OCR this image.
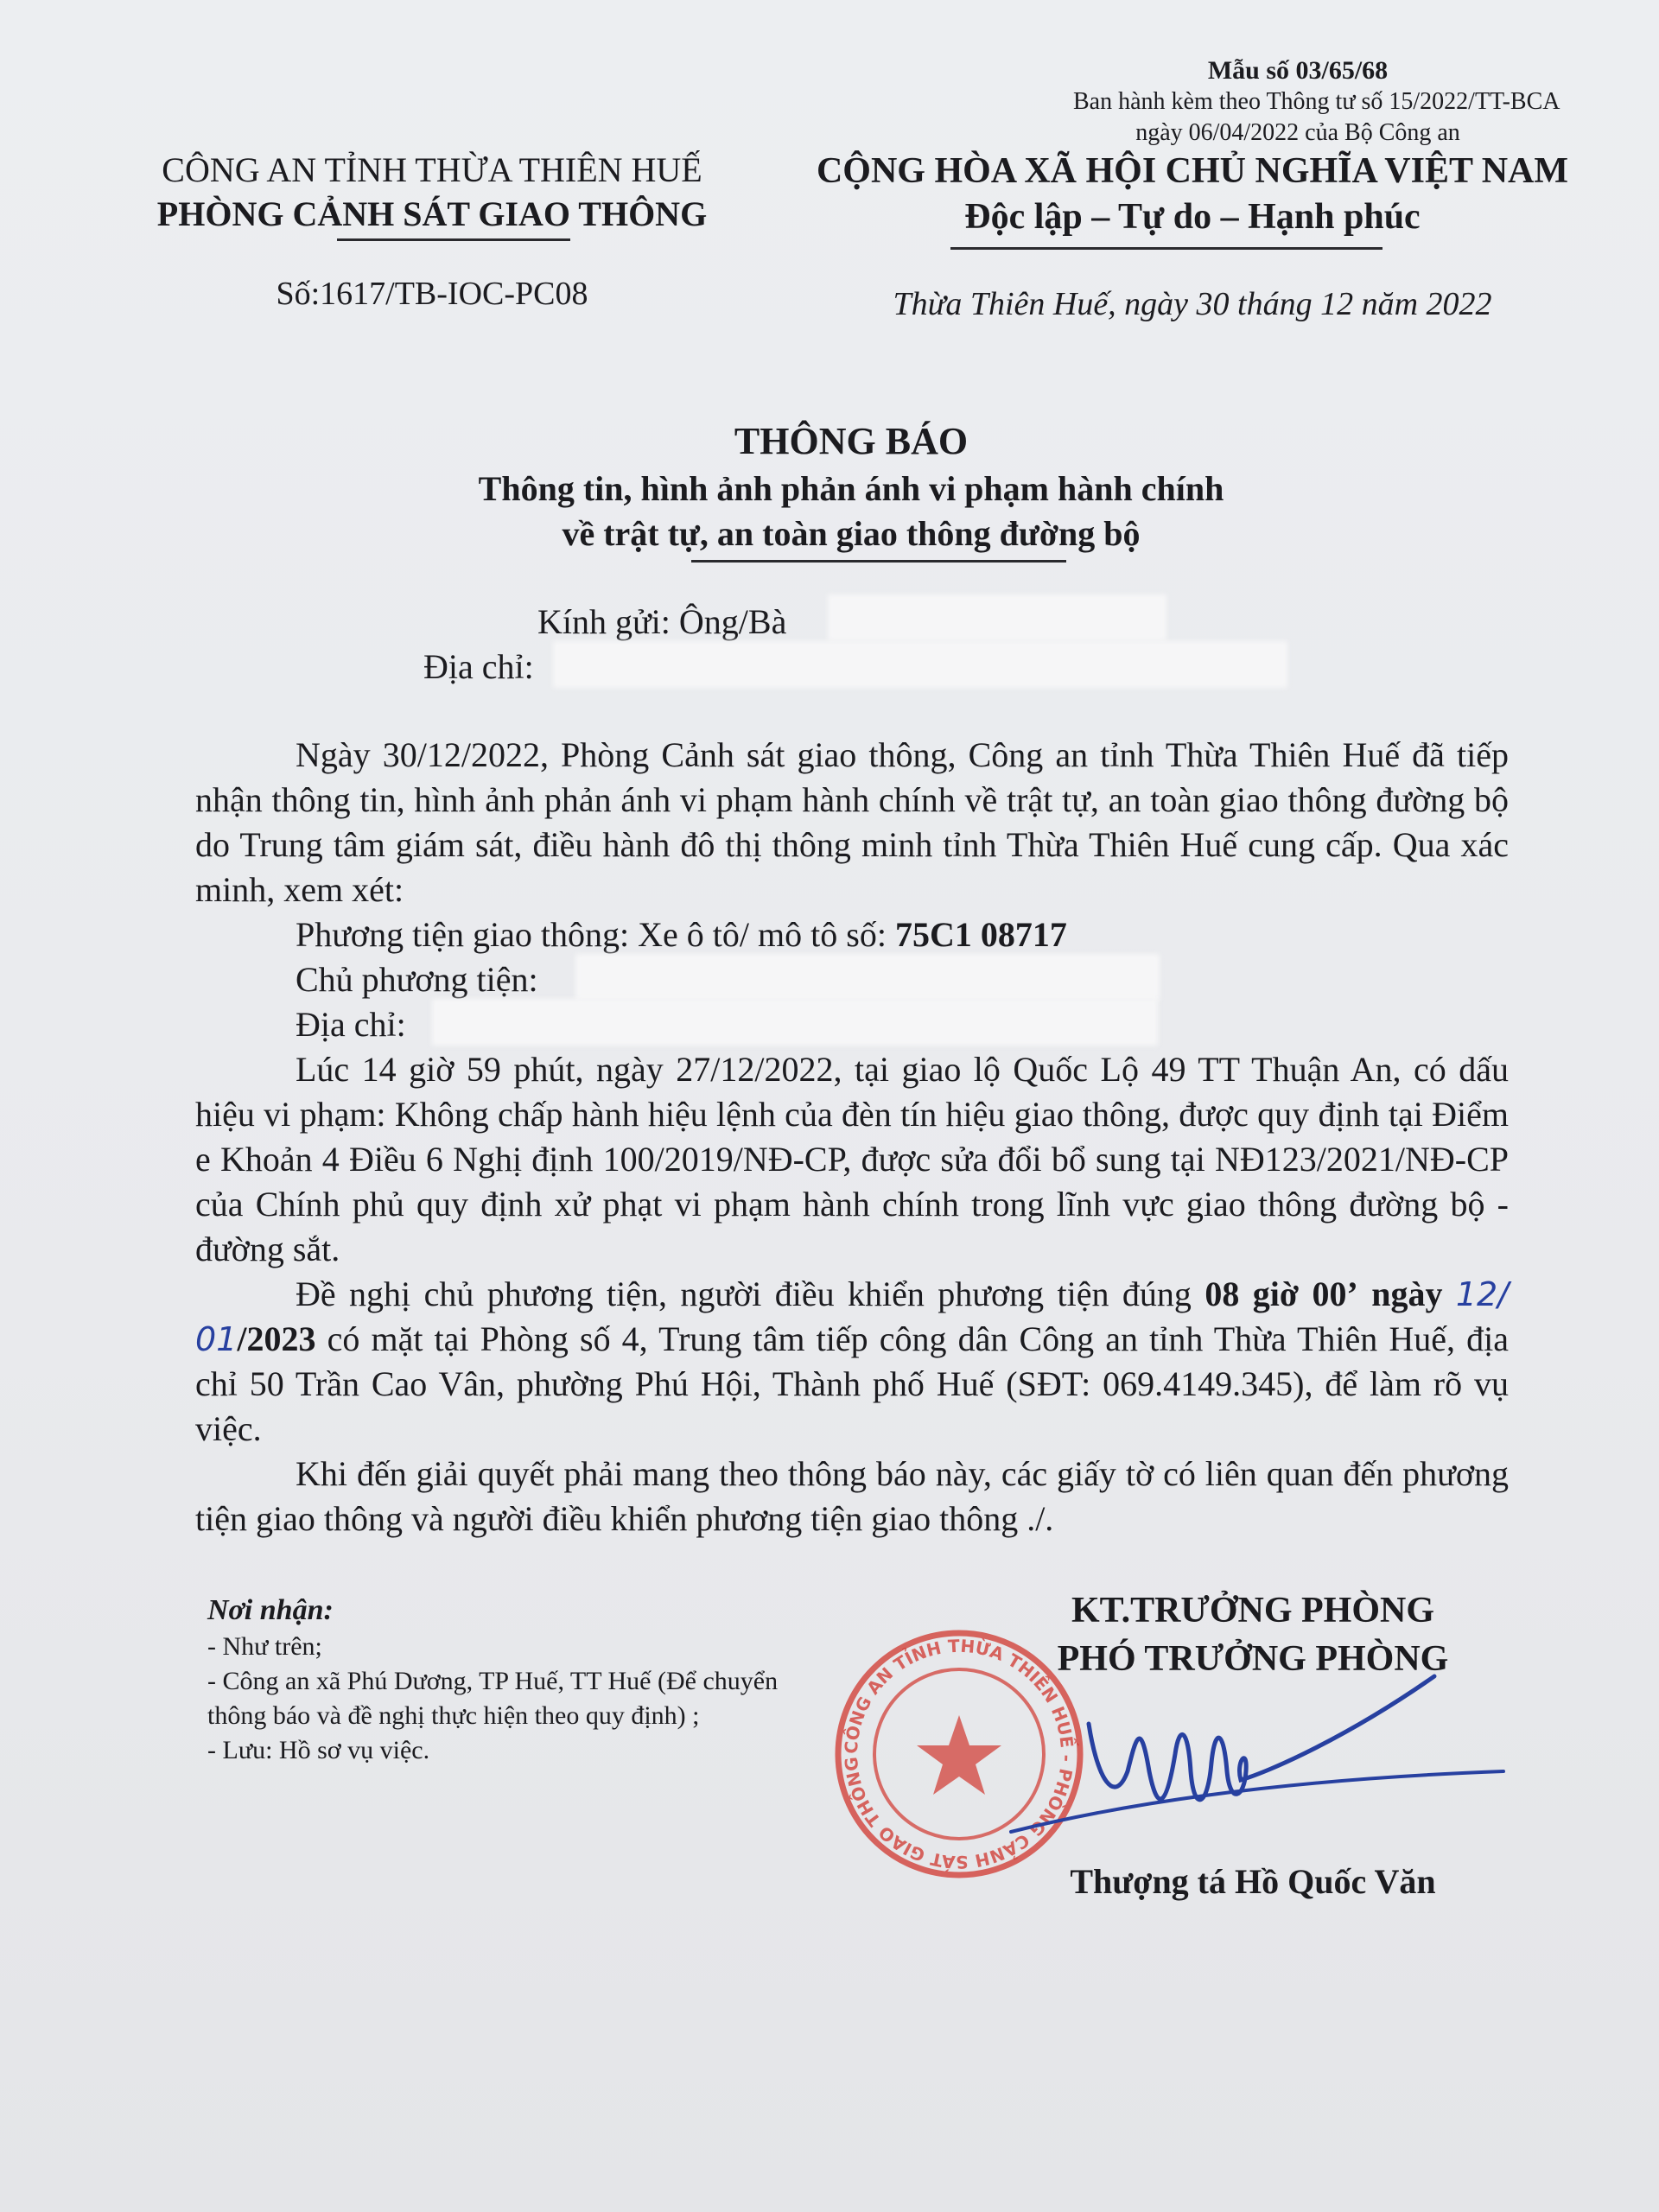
Mẫu số 03/65/68
Ban hành kèm theo Thông tư số 15/2022/TT-BCA
ngày 06/04/2022 của Bộ Công an
CÔNG AN TỈNH THỪA THIÊN HUẾ
PHÒNG CẢNH SÁT GIAO THÔNG
CỘNG HÒA XÃ HỘI CHỦ NGHĨA VIỆT NAM
Độc lập – Tự do – Hạnh phúc
Số:1617/TB-IOC-PC08	Thừa Thiên Huế, ngày 30 tháng 12 năm 2022
THÔNG BÁO
Thông tin, hình ảnh phản ánh vi phạm hành chính
về trật tự, an toàn giao thông đường bộ
Kính gửi: Ông/Bà
Địa chỉ:
Ngày 30/12/2022, Phòng Cảnh sát giao thông, Công an tỉnh Thừa Thiên Huế đã tiếp nhận thông tin, hình ảnh phản ánh vi phạm hành chính về trật tự, an toàn giao thông đường bộ do Trung tâm giám sát, điều hành đô thị thông minh tỉnh Thừa Thiên Huế cung cấp. Qua xác minh, xem xét:
Phương tiện giao thông: Xe ô tô/ mô tô số: 75C1 08717
Chủ phương tiện:
Địa chỉ:
Lúc 14 giờ 59 phút, ngày 27/12/2022, tại giao lộ Quốc Lộ 49 TT Thuận An, có dấu hiệu vi phạm: Không chấp hành hiệu lệnh của đèn tín hiệu giao thông, được quy định tại Điểm e Khoản 4 Điều 6 Nghị định 100/2019/NĐ-CP, được sửa đổi bổ sung tại NĐ123/2021/NĐ-CP của Chính phủ quy định xử phạt vi phạm hành chính trong lĩnh vực giao thông đường bộ - đường sắt.
Đề nghị chủ phương tiện, người điều khiển phương tiện đúng 08 giờ 00’ ngày 12/ 01/2023 có mặt tại Phòng số 4, Trung tâm tiếp công dân Công an tỉnh Thừa Thiên Huế, địa chỉ 50 Trần Cao Vân, phường Phú Hội, Thành phố Huế (SĐT: 069.4149.345), để làm rõ vụ việc.
Khi đến giải quyết phải mang theo thông báo này, các giấy tờ có liên quan đến phương tiện giao thông và người điều khiển phương tiện giao thông ./.
Nơi nhận:
- Như trên;
- Công an xã Phú Dương, TP Huế, TT Huế (Để chuyển thông báo và đề nghị thực hiện theo quy định) ;
- Lưu: Hồ sơ vụ việc.	CÔNG AN TỈNH THỪA THIÊN HUẾ - PHÒNG CẢNH SÁT GIAO THÔNG
KT.TRƯỞNG PHÒNG
PHÓ TRƯỞNG PHÒNG
Thượng tá Hồ Quốc Văn
